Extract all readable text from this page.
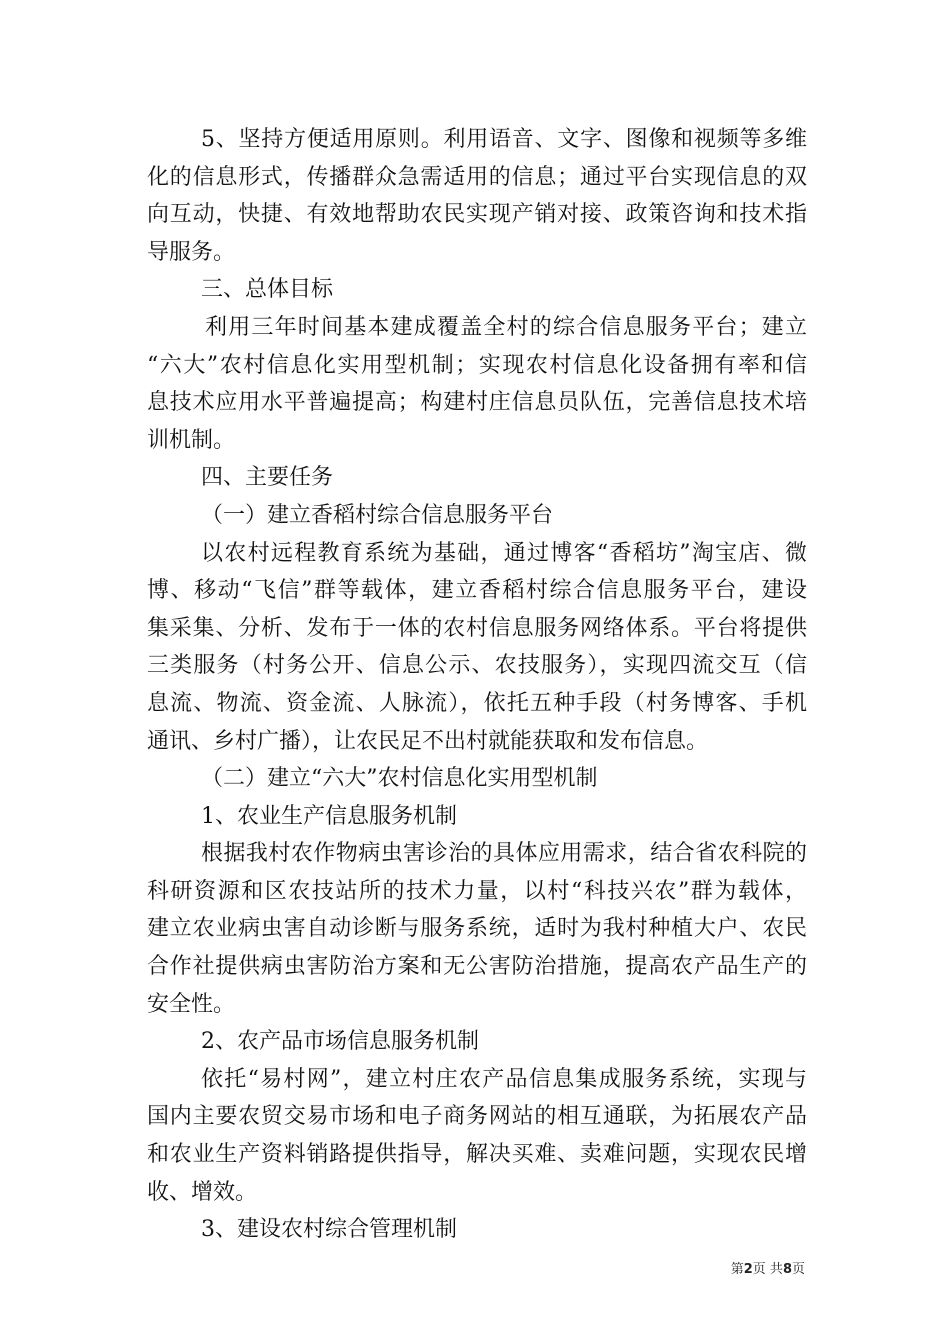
5、坚持方便适用原则。利用语音、文字、图像和视频等多维
化的信息形式，传播群众急需适用的信息；通过平台实现信息的双
向互动，快捷、有效地帮助农民实现产销对接、政策咨询和技术指
导服务。
三、总体目标
利用三年时间基本建成覆盖全村的综合信息服务平台；建立
“六大”农村信息化实用型机制；实现农村信息化设备拥有率和信
息技术应用水平普遍提高；构建村庄信息员队伍，完善信息技术培
训机制。
四、主要任务
（一）建立香稻村综合信息服务平台
以农村远程教育系统为基础，通过博客“香稻坊”淘宝店、微
博、移动“飞信”群等载体，建立香稻村综合信息服务平台，建设
集采集、分析、发布于一体的农村信息服务网络体系。平台将提供
三类服务（村务公开、信息公示、农技服务），实现四流交互（信
息流、物流、资金流、人脉流），依托五种手段（村务博客、手机
通讯、乡村广播），让农民足不出村就能获取和发布信息。
（二）建立“六大”农村信息化实用型机制
1、农业生产信息服务机制
根据我村农作物病虫害诊治的具体应用需求，结合省农科院的
科研资源和区农技站所的技术力量，以村“科技兴农”群为载体，
建立农业病虫害自动诊断与服务系统，适时为我村种植大户、农民
合作社提供病虫害防治方案和无公害防治措施，提高农产品生产的
安全性。
2、农产品市场信息服务机制
依托“易村网”，建立村庄农产品信息集成服务系统，实现与
国内主要农贸交易市场和电子商务网站的相互通联，为拓展农产品
和农业生产资料销路提供指导，解决买难、卖难问题，实现农民增
收、增效。
3、建设农村综合管理机制
第2页 共8页
